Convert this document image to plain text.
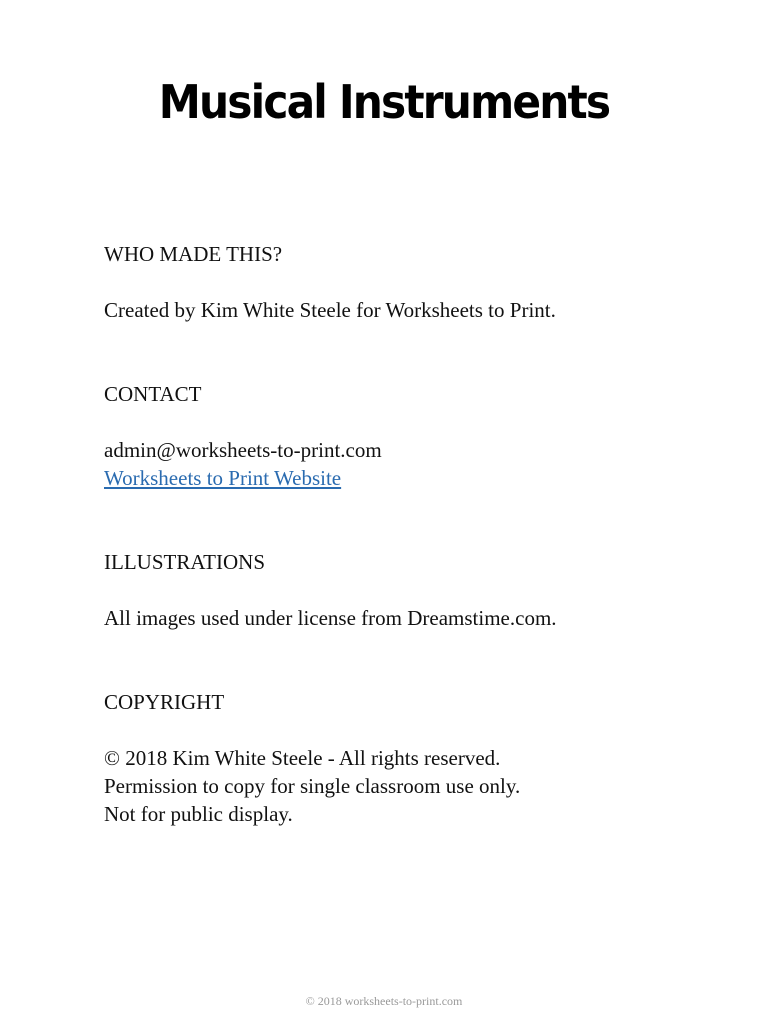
Musical Instruments
WHO MADE THIS?
Created by Kim White Steele for Worksheets to Print.
CONTACT
admin@worksheets-to-print.com
Worksheets to Print Website
ILLUSTRATIONS
All images used under license from Dreamstime.com.
COPYRIGHT
© 2018 Kim White Steele - All rights reserved.
Permission to copy for single classroom use only.
Not for public display.
© 2018 worksheets-to-print.com
